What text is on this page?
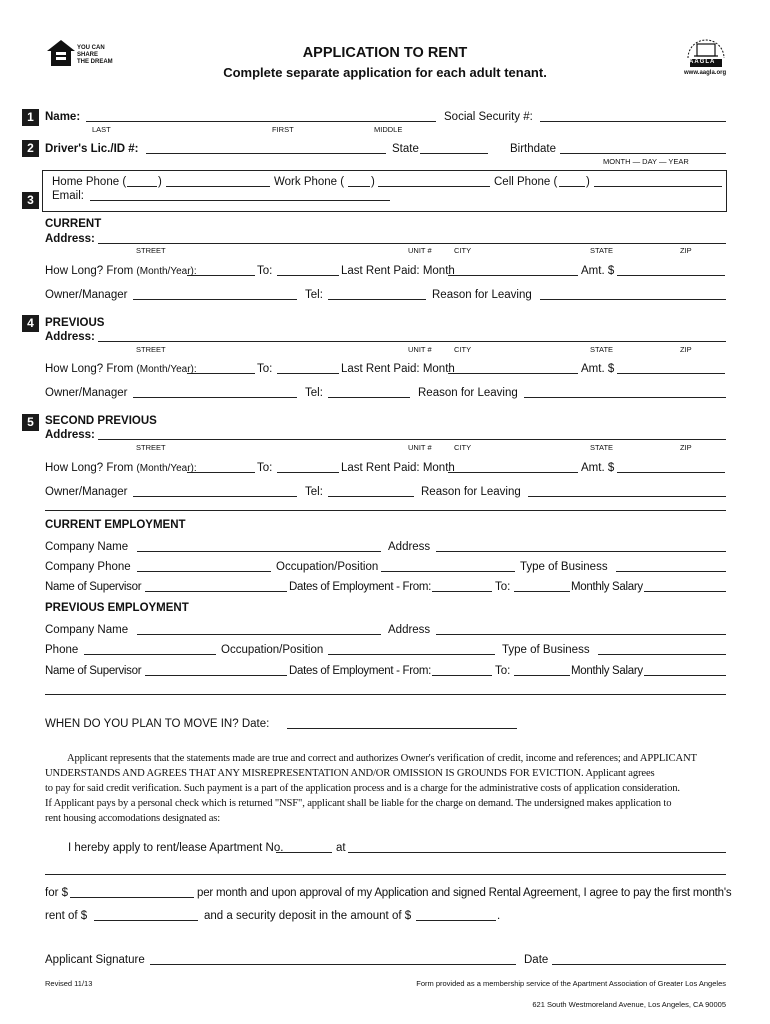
YOU CAN
SHARE
THE DREAM
APPLICATION TO RENT
Complete separate application for each adult tenant.
AAGLA
www.aagla.org
1
2
3
4
5
Name:
LAST	FIRST	MIDDLE
Social Security #:
Driver's Lic./ID #:	State	Birthdate
MONTH — DAY — YEAR
Home Phone (	)	Work Phone ( )	Cell Phone ( )
Email:
CURRENT
Address:
STREET	UNIT #	CITY	STATE	ZIP
How Long? From (Month/Year):	To:	Last Rent Paid: Month	Amt. $
Owner/Manager	Tel:	Reason for Leaving
PREVIOUS
Address:
STREET	UNIT #	CITY	STATE	ZIP
How Long? From (Month/Year):	To:	Last Rent Paid: Month	Amt. $
Owner/Manager	Tel:	Reason for Leaving
SECOND PREVIOUS
Address:
STREET	UNIT #	CITY	STATE	ZIP
How Long? From (Month/Year):	To:	Last Rent Paid: Month	Amt. $
Owner/Manager	Tel:	Reason for Leaving
CURRENT EMPLOYMENT
Company Name	Address
Company Phone	Occupation/Position	Type of Business
Name of Supervisor	Dates of Employment - From:	To:	Monthly Salary
PREVIOUS EMPLOYMENT
Company Name	Address
Phone	Occupation/Position	Type of Business
Name of Supervisor	Dates of Employment - From:	To:	Monthly Salary
WHEN DO YOU PLAN TO MOVE IN? Date:
Applicant represents that the statements made are true and correct and authorizes Owner's verification of credit, income and references; and APPLICANT
UNDERSTANDS AND AGREES THAT ANY MISREPRESENTATION AND/OR OMISSION IS GROUNDS FOR EVICTION. Applicant agrees
to pay for said credit verification. Such payment is a part of the application process and is a charge for the administrative costs of application consideration.
If Applicant pays by a personal check which is returned "NSF", applicant shall be liable for the charge on demand. The undersigned makes application to
rent housing accomodations designated as:
I hereby apply to rent/lease Apartment No.	at
for $	per month and upon approval of my Application and signed Rental Agreement, I agree to pay the first month's
rent of $	and a security deposit in the amount of $	.
Applicant Signature	Date
Revised 11/13	Form provided as a membership service of the Apartment Association of Greater Los Angeles
621 South Westmoreland Avenue, Los Angeles, CA 90005
